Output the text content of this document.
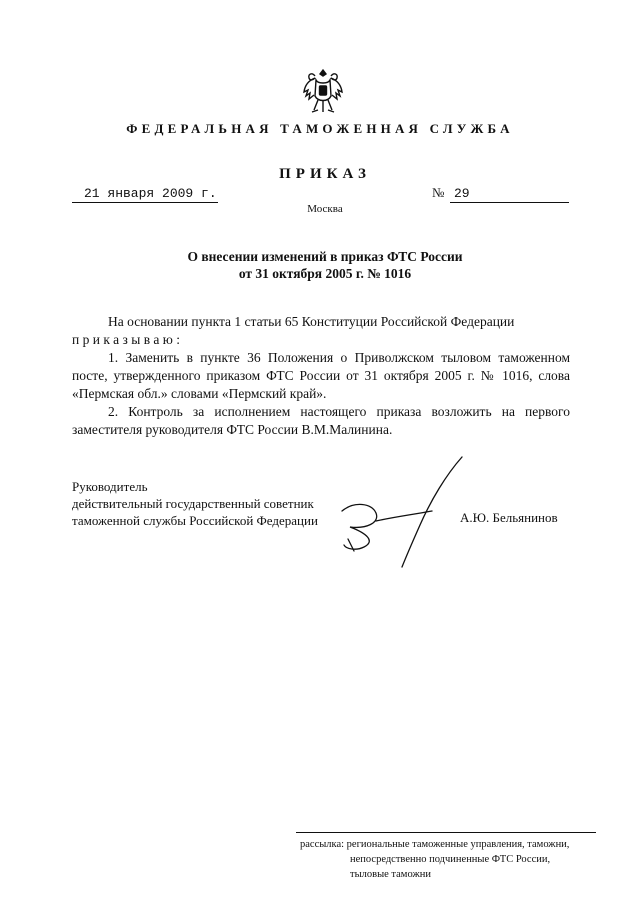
ФЕДЕРАЛЬНАЯ ТАМОЖЕННАЯ СЛУЖБА
ПРИКАЗ
21 января 2009 г.	№ 29
Москва
О внесении изменений в приказ ФТС России
от 31 октября 2005 г. № 1016

На основании пункта 1 статьи 65 Конституции Российской Федерации

приказываю:

1. Заменить в пункте 36 Положения о Приволжском тыловом таможенном посте, утвержденного приказом ФТС России от 31 октября 2005 г. № 1016, слова «Пермская обл.» словами «Пермский край».

2. Контроль за исполнением настоящего приказа возложить на первого заместителя руководителя ФТС России В.М.Малинина.

Руководитель
действительный государственный советник
таможенной службы Российской Федерации	А.Ю. Бельянинов
рассылка: региональные таможенные управления, таможни,
непосредственно подчиненные ФТС России,
тыловые таможни
